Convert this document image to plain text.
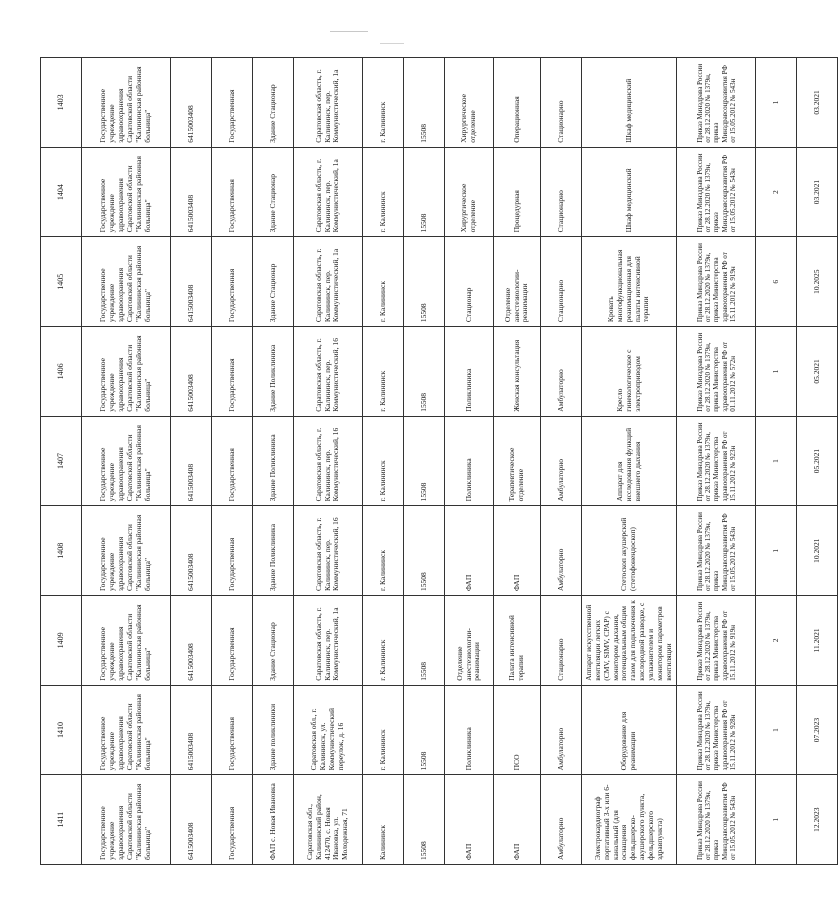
1411	1410	1409	1408	1407	1406	1405	1404	1403
Государственное учреждение здравоохранения Саратовской области "Калининская районная больница"	Государственное учреждение здравоохранения Саратовской области "Калининская районная больница"	Государственное учреждение здравоохранения Саратовской области "Калининская районная больница"	Государственное учреждение здравоохранения Саратовской области "Калининская районная больница"	Государственное учреждение здравоохранения Саратовской области "Калининская районная больница"	Государственное учреждение здравоохранения Саратовской области "Калининская районная больница"	Государственное учреждение здравоохранения Саратовской области "Калининская районная больница"	Государственное учреждение здравоохранения Саратовской области "Калининская районная больница"	Государственное учреждение здравоохранения Саратовской области "Калининская районная больница"
6415003408	6415003408	6415003408	6415003408	6415003408	6415003408	6415003408	6415003408	6415003408
Государственная	Государственная	Государственная	Государственная	Государственная	Государственная	Государственная	Государственная	Государственная
ФАП с. Новая Ивановка	Здание поликлиники	Здание Стационар	Здание Поликлиника	Здание Поликлиника	Здание Поликлиника	Здание Стационар	Здание Стационар	Здание Стационар
Саратовская обл., Калининский район, 412470, с. Новая Ивановка, ул. Молодежная, 71	Саратовская обл., г. Калининск, ул. Коммунистический переулок, д. 16	Саратовская область, г. Калининск, пер. Коммунистический, 1а	Саратовская область, г. Калининск, пер. Коммунистический, 16	Саратовская область, г. Калининск, пер. Коммунистический, 16	Саратовская область, г. Калининск, пер. Коммунистический, 16	Саратовская область, г. Калининск, пер. Коммунистический, 1а	Саратовская область, г. Калининск, пер. Коммунистический, 1а	Саратовская область, г. Калининск, пер. Коммунистический, 1а
Калининск	г. Калининск	г. Калининск	г. Калининск	г. Калининск	г. Калининск	г. Калининск	г. Калининск	г. Калининск
15508	15508	15508	15508	15508	15508	15508	15508	15508
ФАП	Поликлиника	Отделение анестезиологии-реанимации	ФАП	Поликлиника	Поликлиника	Стационар	Хирургическое отделение	Хирургическое отделение
ФАП	ПСО	Палата интенсивной терапии	ФАП	Терапевтическое отделение	Женская консультация	Отделение анестезиологии-реанимации	Процедурная	Операционная
Амбулаторно	Амбулаторно	Стационарно	Амбулаторно	Амбулаторно	Амбулаторно	Стационарно	Стационарно	Стационарно
Электрокардиограф портативный 3-х или 6-канальный (для оснащения фельдшерско-акушерского пункта, фельдшерского здравпункта)	Оборудование для реанимации	Аппарат искусственной вентиляции легких (CMV, SIMV, CPAP) с монитором дыхания, потенциальным общим газом для подключения к кислородной разводке, с увлажнителем и монитором параметров вентиляции	Стетоскоп акушерский (стетофонендоскоп)	Аппарат для исследования функций внешнего дыхания	Кресло гинекологическое с электроприводом	Кровать многофункциональная реанимационная для палаты интенсивной терапии	Шкаф медицинский	Шкаф медицинский
Приказ Минздрава России от 28.12.2020 № 1379н, приказ Минздравсоцразвития РФ от 15.05.2012 № 543н	Приказ Минздрава России от 28.12.2020 № 1379н, приказ Министерства здравоохранения РФ от 15.11.2012 № 928н	Приказ Минздрава России от 28.12.2020 № 1379н, приказ Министерства здравоохранения РФ от 15.11.2012 № 919н	Приказ Минздрава России от 28.12.2020 № 1379н, приказ Минздравсоцразвития РФ от 15.05.2012 № 543н	Приказ Минздрава России от 28.12.2020 № 1379н, приказ Министерства здравоохранения РФ от 15.11.2012 № 923н	Приказ Минздрава России от 28.12.2020 № 1379н, приказ Министерства здравоохранения РФ от 01.11.2012 № 572н	Приказ Минздрава России от 28.12.2020 № 1379н, приказ Министерства здравоохранения РФ от 15.11.2012 № 919н	Приказ Минздрава России от 28.12.2020 № 1379н, приказ Минздравсоцразвития РФ от 15.05.2012 № 543н	Приказ Минздрава России от 28.12.2020 № 1379н, приказ Минздравсоцразвития РФ от 15.05.2012 № 543н
1	1	2	1	1	1	6	2	1
12.2023	07.2023	11.2021	10.2021	05.2021	05.2021	10.2025	03.2021	03.2021
